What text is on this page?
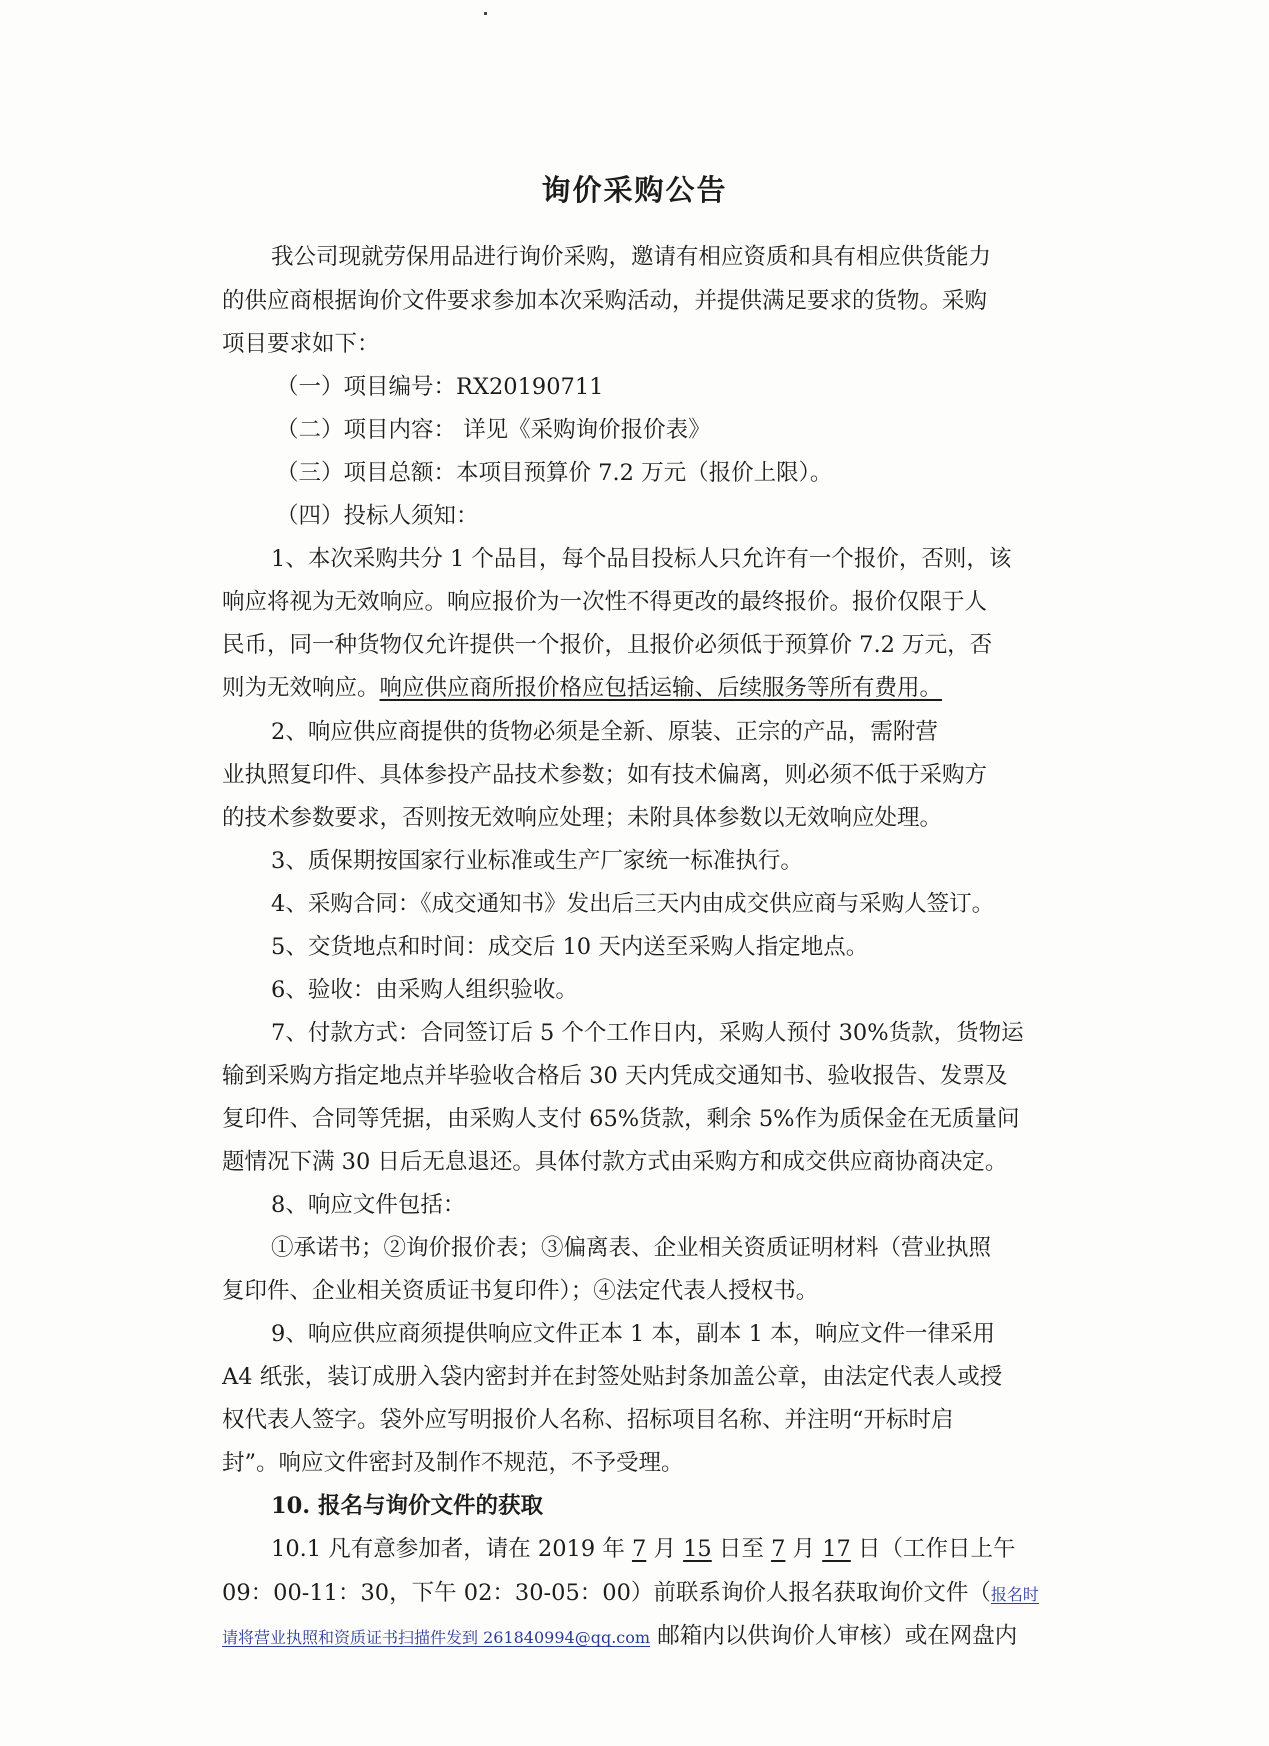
询价采购公告
我公司现就劳保用品进行询价采购，邀请有相应资质和具有相应供货能力
的供应商根据询价文件要求参加本次采购活动，并提供满足要求的货物。采购
项目要求如下：
（一）项目编号：RX20190711
（二）项目内容： 详见《采购询价报价表》
（三）项目总额：本项目预算价 7.2 万元（报价上限）。
（四）投标人须知：
1、本次采购共分 1 个品目，每个品目投标人只允许有一个报价，否则，该
响应将视为无效响应。响应报价为一次性不得更改的最终报价。报价仅限于人
民币，同一种货物仅允许提供一个报价，且报价必须低于预算价 7.2 万元，否
则为无效响应。响应供应商所报价格应包括运输、后续服务等所有费用。
2、响应供应商提供的货物必须是全新、原装、正宗的产品，需附营
业执照复印件、具体参投产品技术参数；如有技术偏离，则必须不低于采购方
的技术参数要求，否则按无效响应处理；未附具体参数以无效响应处理。
3、质保期按国家行业标准或生产厂家统一标准执行。
4、采购合同：《成交通知书》发出后三天内由成交供应商与采购人签订。
5、交货地点和时间：成交后 10 天内送至采购人指定地点。
6、验收：由采购人组织验收。
7、付款方式：合同签订后 5 个个工作日内，采购人预付 30%货款，货物运
输到采购方指定地点并毕验收合格后 30 天内凭成交通知书、验收报告、发票及
复印件、合同等凭据，由采购人支付 65%货款，剩余 5%作为质保金在无质量问
题情况下满 30 日后无息退还。具体付款方式由采购方和成交供应商协商决定。
8、响应文件包括：
①承诺书；②询价报价表；③偏离表、企业相关资质证明材料（营业执照
复印件、企业相关资质证书复印件）；④法定代表人授权书。
9、响应供应商须提供响应文件正本 1 本，副本 1 本，响应文件一律采用
A4 纸张，装订成册入袋内密封并在封签处贴封条加盖公章，由法定代表人或授
权代表人签字。袋外应写明报价人名称、招标项目名称、并注明“开标时启
封”。响应文件密封及制作不规范，不予受理。
10. 报名与询价文件的获取
10.1 凡有意参加者，请在 2019 年 7 月 15 日至 7 月 17 日（工作日上午
09：00-11：30，下午 02：30-05：00）前联系询价人报名获取询价文件（报名时
请将营业执照和资质证书扫描件发到 261840994@qq.com 邮箱内以供询价人审核）或在网盘内
